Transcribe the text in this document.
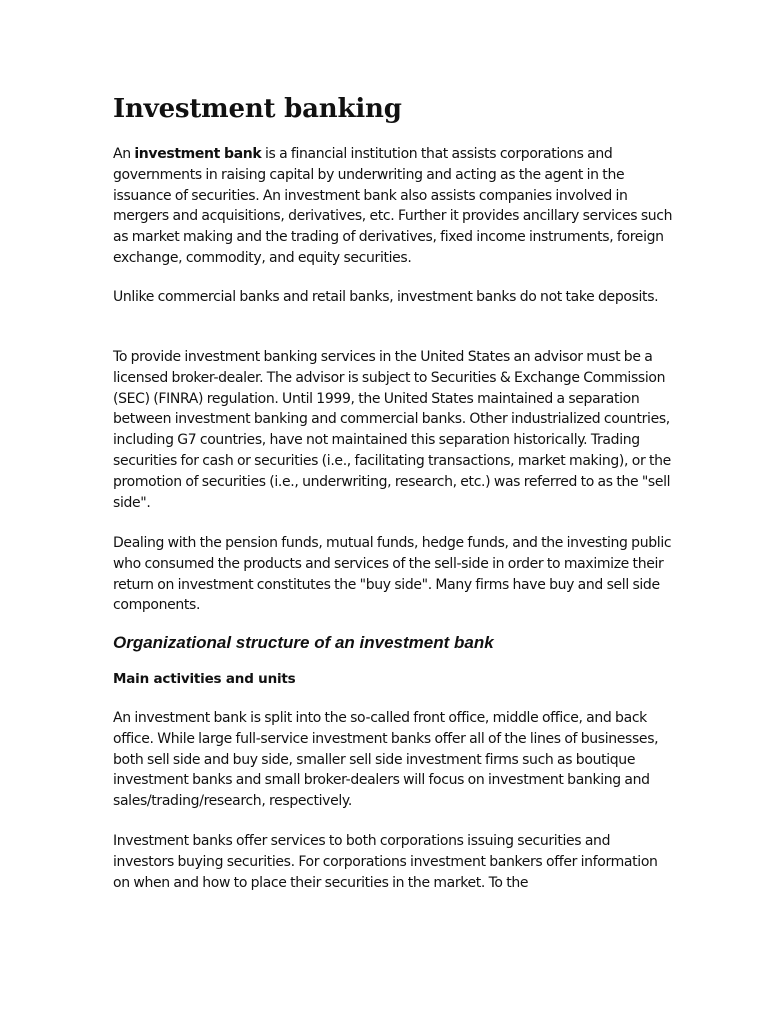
Investment banking

An investment bank is a financial institution that assists corporations and governments in raising capital by underwriting and acting as the agent in the issuance of securities. An investment bank also assists companies involved in mergers and acquisitions, derivatives, etc. Further it provides ancillary services such as market making and the trading of derivatives, fixed income instruments, foreign exchange, commodity, and equity securities.

Unlike commercial banks and retail banks, investment banks do not take deposits.

To provide investment banking services in the United States an advisor must be a licensed broker-dealer. The advisor is subject to Securities & Exchange Commission (SEC) (FINRA) regulation. Until 1999, the United States maintained a separation between investment banking and commercial banks. Other industrialized countries, including G7 countries, have not maintained this separation historically. Trading securities for cash or securities (i.e., facilitating transactions, market making), or the promotion of securities (i.e., underwriting, research, etc.) was referred to as the "sell side".

Dealing with the pension funds, mutual funds, hedge funds, and the investing public who consumed the products and services of the sell-side in order to maximize their return on investment constitutes the "buy side". Many firms have buy and sell side components.

Organizational structure of an investment bank
Main activities and units

An investment bank is split into the so-called front office, middle office, and back office. While large full-service investment banks offer all of the lines of businesses, both sell side and buy side, smaller sell side investment firms such as boutique investment banks and small broker-dealers will focus on investment banking and sales/trading/research, respectively.

Investment banks offer services to both corporations issuing securities and investors buying securities. For corporations investment bankers offer information on when and how to place their securities in the market. To the
